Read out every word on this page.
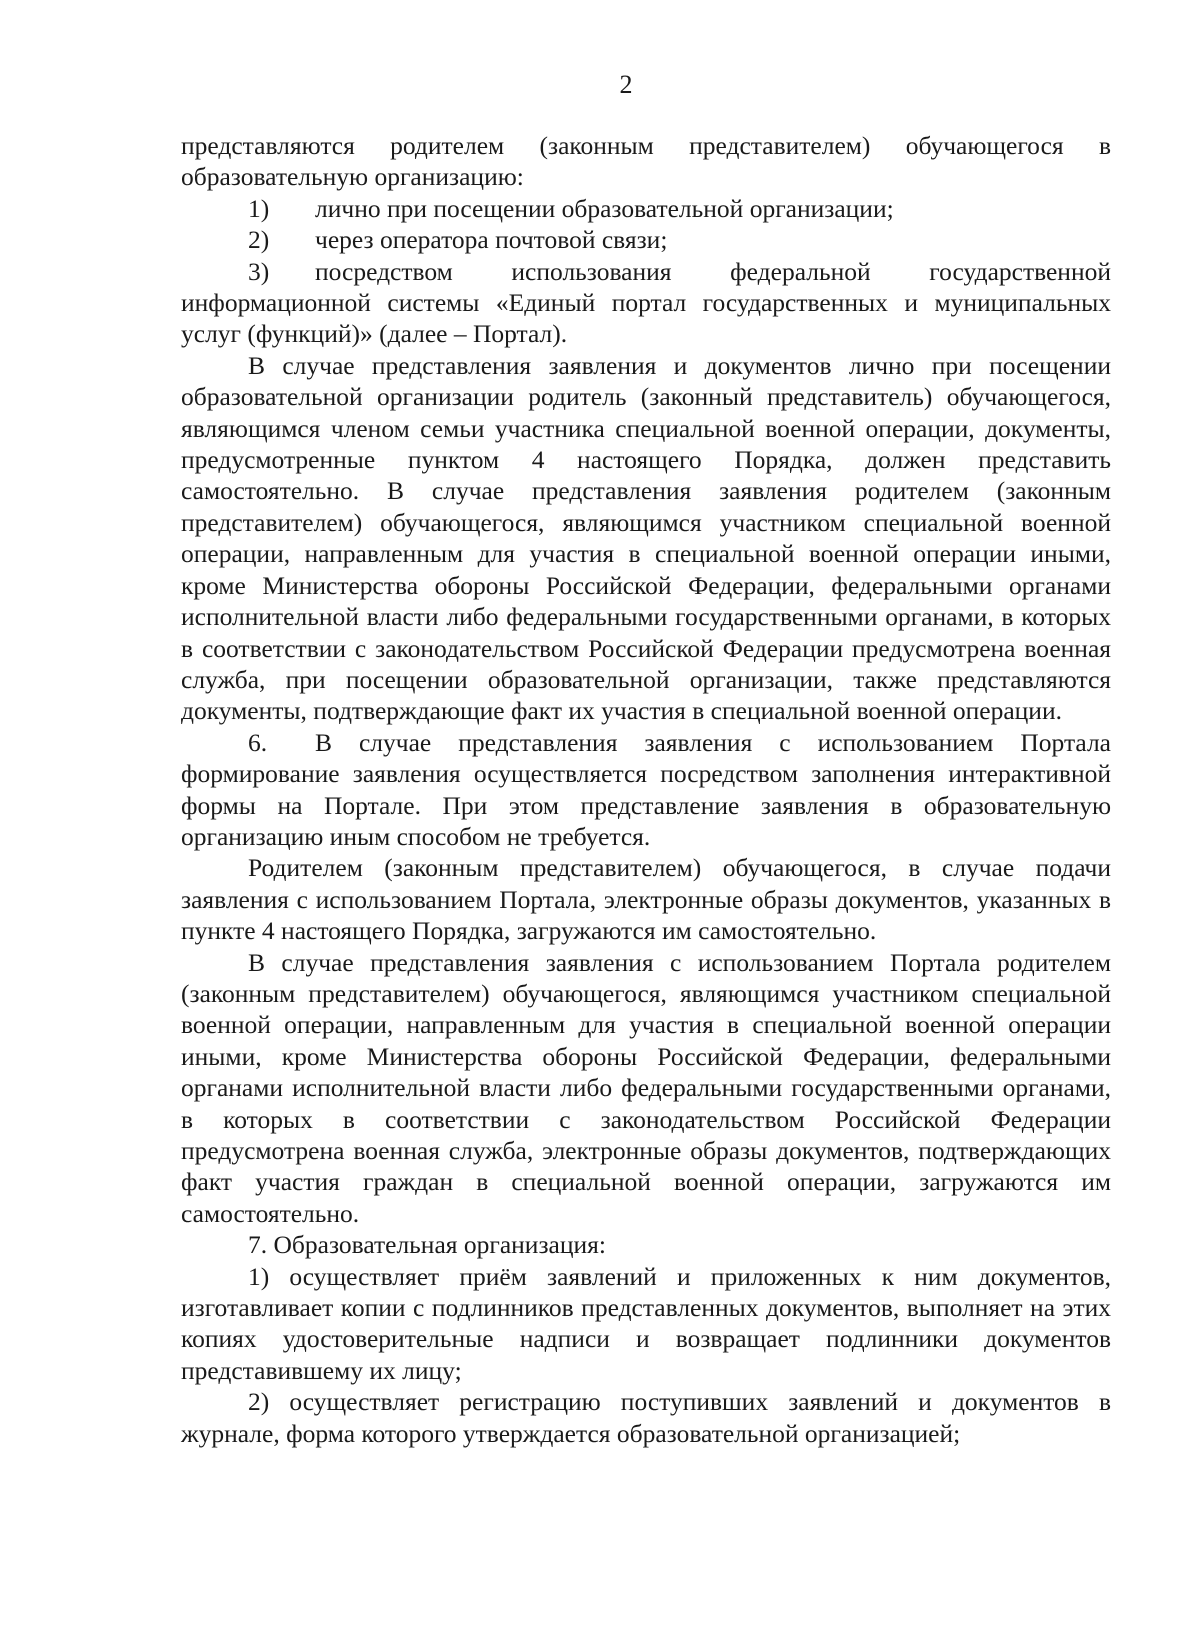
2

представляются родителем (законным представителем) обучающегося в образовательную организацию:

1) лично при посещении образовательной организации;

2) через оператора почтовой связи;

3) посредством использования федеральной государственной информационной системы «Единый портал государственных и муниципальных услуг (функций)» (далее – Портал).

В случае представления заявления и документов лично при посещении образовательной организации родитель (законный представитель) обучающегося, являющимся членом семьи участника специальной военной операции, документы, предусмотренные пунктом 4 настоящего Порядка, должен представить самостоятельно. В случае представления заявления родителем (законным представителем) обучающегося, являющимся участником специальной военной операции, направленным для участия в специальной военной операции иными, кроме Министерства обороны Российской Федерации, федеральными органами исполнительной власти либо федеральными государственными органами, в которых в соответствии с законодательством Российской Федерации предусмотрена военная служба, при посещении образовательной организации, также представляются документы, подтверждающие факт их участия в специальной военной операции.

6. В случае представления заявления с использованием Портала формирование заявления осуществляется посредством заполнения интерактивной формы на Портале. При этом представление заявления в образовательную организацию иным способом не требуется.

Родителем (законным представителем) обучающегося, в случае подачи заявления с использованием Портала, электронные образы документов, указанных в пункте 4 настоящего Порядка, загружаются им самостоятельно.

В случае представления заявления с использованием Портала родителем (законным представителем) обучающегося, являющимся участником специальной военной операции, направленным для участия в специальной военной операции иными, кроме Министерства обороны Российской Федерации, федеральными органами исполнительной власти либо федеральными государственными органами, в которых в соответствии с законодательством Российской Федерации предусмотрена военная служба, электронные образы документов, подтверждающих факт участия граждан в специальной военной операции, загружаются им самостоятельно.

7. Образовательная организация:

1) осуществляет приём заявлений и приложенных к ним документов, изготавливает копии с подлинников представленных документов, выполняет на этих копиях удостоверительные надписи и возвращает подлинники документов представившему их лицу;

2) осуществляет регистрацию поступивших заявлений и документов в журнале, форма которого утверждается образовательной организацией;
